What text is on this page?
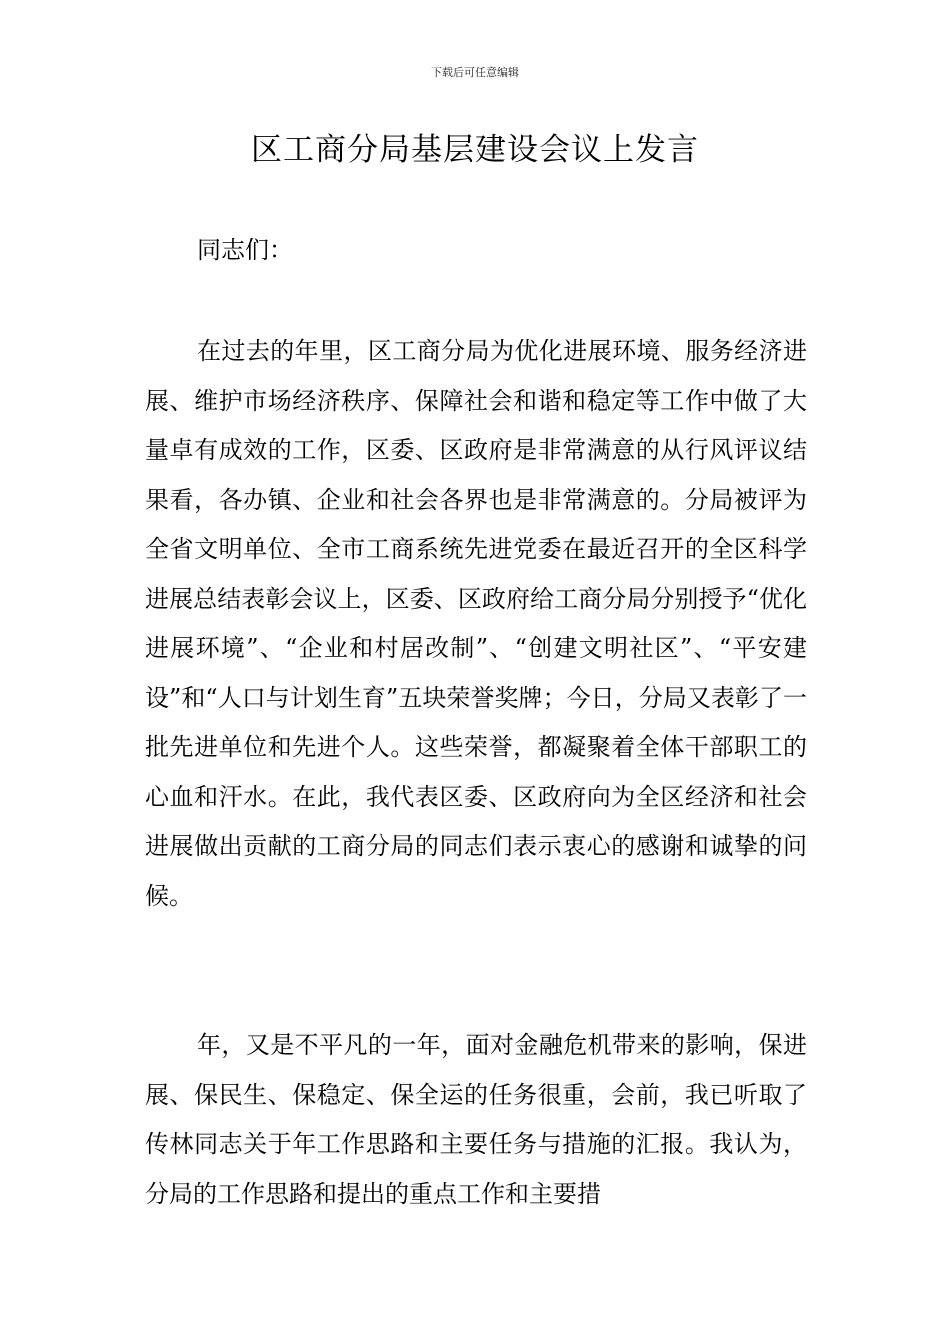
下载后可任意编辑
区工商分局基层建设会议上发言

同志们：

在过去的年里，区工商分局为优化进展环境、服务经济进展、维护市场经济秩序、保障社会和谐和稳定等工作中做了大量卓有成效的工作，区委、区政府是非常满意的从行风评议结果看，各办镇、企业和社会各界也是非常满意的。分局被评为全省文明单位、全市工商系统先进党委在最近召开的全区科学进展总结表彰会议上，区委、区政府给工商分局分别授予“优化进展环境”、“企业和村居改制”、“创建文明社区”、“平安建设”和“人口与计划生育”五块荣誉奖牌；今日，分局又表彰了一批先进单位和先进个人。这些荣誉，都凝聚着全体干部职工的心血和汗水。在此，我代表区委、区政府向为全区经济和社会进展做出贡献的工商分局的同志们表示衷心的感谢和诚挚的问候。

年，又是不平凡的一年，面对金融危机带来的影响，保进展、保民生、保稳定、保全运的任务很重，会前，我已听取了传林同志关于年工作思路和主要任务与措施的汇报。我认为，分局的工作思路和提出的重点工作和主要措
